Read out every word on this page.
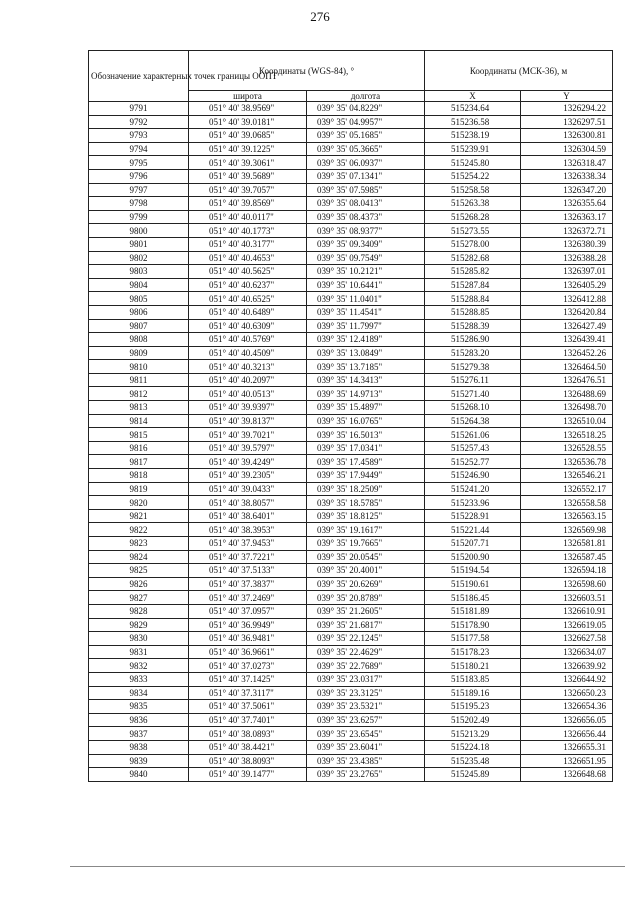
276
Обозначение характерных точек границы ООПТ	Координаты (WGS-84), °		Координаты (МСК-36), м	
	широта	долгота	X	Y
9791	051° 40' 38.9569"	039° 35' 04.8229"	515234.64	1326294.22
9792	051° 40' 39.0181"	039° 35' 04.9957"	515236.58	1326297.51
9793	051° 40' 39.0685"	039° 35' 05.1685"	515238.19	1326300.81
9794	051° 40' 39.1225"	039° 35' 05.3665"	515239.91	1326304.59
9795	051° 40' 39.3061"	039° 35' 06.0937"	515245.80	1326318.47
9796	051° 40' 39.5689"	039° 35' 07.1341"	515254.22	1326338.34
9797	051° 40' 39.7057"	039° 35' 07.5985"	515258.58	1326347.20
9798	051° 40' 39.8569"	039° 35' 08.0413"	515263.38	1326355.64
9799	051° 40' 40.0117"	039° 35' 08.4373"	515268.28	1326363.17
9800	051° 40' 40.1773"	039° 35' 08.9377"	515273.55	1326372.71
9801	051° 40' 40.3177"	039° 35' 09.3409"	515278.00	1326380.39
9802	051° 40' 40.4653"	039° 35' 09.7549"	515282.68	1326388.28
9803	051° 40' 40.5625"	039° 35' 10.2121"	515285.82	1326397.01
9804	051° 40' 40.6237"	039° 35' 10.6441"	515287.84	1326405.29
9805	051° 40' 40.6525"	039° 35' 11.0401"	515288.84	1326412.88
9806	051° 40' 40.6489"	039° 35' 11.4541"	515288.85	1326420.84
9807	051° 40' 40.6309"	039° 35' 11.7997"	515288.39	1326427.49
9808	051° 40' 40.5769"	039° 35' 12.4189"	515286.90	1326439.41
9809	051° 40' 40.4509"	039° 35' 13.0849"	515283.20	1326452.26
9810	051° 40' 40.3213"	039° 35' 13.7185"	515279.38	1326464.50
9811	051° 40' 40.2097"	039° 35' 14.3413"	515276.11	1326476.51
9812	051° 40' 40.0513"	039° 35' 14.9713"	515271.40	1326488.69
9813	051° 40' 39.9397"	039° 35' 15.4897"	515268.10	1326498.70
9814	051° 40' 39.8137"	039° 35' 16.0765"	515264.38	1326510.04
9815	051° 40' 39.7021"	039° 35' 16.5013"	515261.06	1326518.25
9816	051° 40' 39.5797"	039° 35' 17.0341"	515257.43	1326528.55
9817	051° 40' 39.4249"	039° 35' 17.4589"	515252.77	1326536.78
9818	051° 40' 39.2305"	039° 35' 17.9449"	515246.90	1326546.21
9819	051° 40' 39.0433"	039° 35' 18.2509"	515241.20	1326552.17
9820	051° 40' 38.8057"	039° 35' 18.5785"	515233.96	1326558.58
9821	051° 40' 38.6401"	039° 35' 18.8125"	515228.91	1326563.15
9822	051° 40' 38.3953"	039° 35' 19.1617"	515221.44	1326569.98
9823	051° 40' 37.9453"	039° 35' 19.7665"	515207.71	1326581.81
9824	051° 40' 37.7221"	039° 35' 20.0545"	515200.90	1326587.45
9825	051° 40' 37.5133"	039° 35' 20.4001"	515194.54	1326594.18
9826	051° 40' 37.3837"	039° 35' 20.6269"	515190.61	1326598.60
9827	051° 40' 37.2469"	039° 35' 20.8789"	515186.45	1326603.51
9828	051° 40' 37.0957"	039° 35' 21.2605"	515181.89	1326610.91
9829	051° 40' 36.9949"	039° 35' 21.6817"	515178.90	1326619.05
9830	051° 40' 36.9481"	039° 35' 22.1245"	515177.58	1326627.58
9831	051° 40' 36.9661"	039° 35' 22.4629"	515178.23	1326634.07
9832	051° 40' 37.0273"	039° 35' 22.7689"	515180.21	1326639.92
9833	051° 40' 37.1425"	039° 35' 23.0317"	515183.85	1326644.92
9834	051° 40' 37.3117"	039° 35' 23.3125"	515189.16	1326650.23
9835	051° 40' 37.5061"	039° 35' 23.5321"	515195.23	1326654.36
9836	051° 40' 37.7401"	039° 35' 23.6257"	515202.49	1326656.05
9837	051° 40' 38.0893"	039° 35' 23.6545"	515213.29	1326656.44
9838	051° 40' 38.4421"	039° 35' 23.6041"	515224.18	1326655.31
9839	051° 40' 38.8093"	039° 35' 23.4385"	515235.48	1326651.95
9840	051° 40' 39.1477"	039° 35' 23.2765"	515245.89	1326648.68
